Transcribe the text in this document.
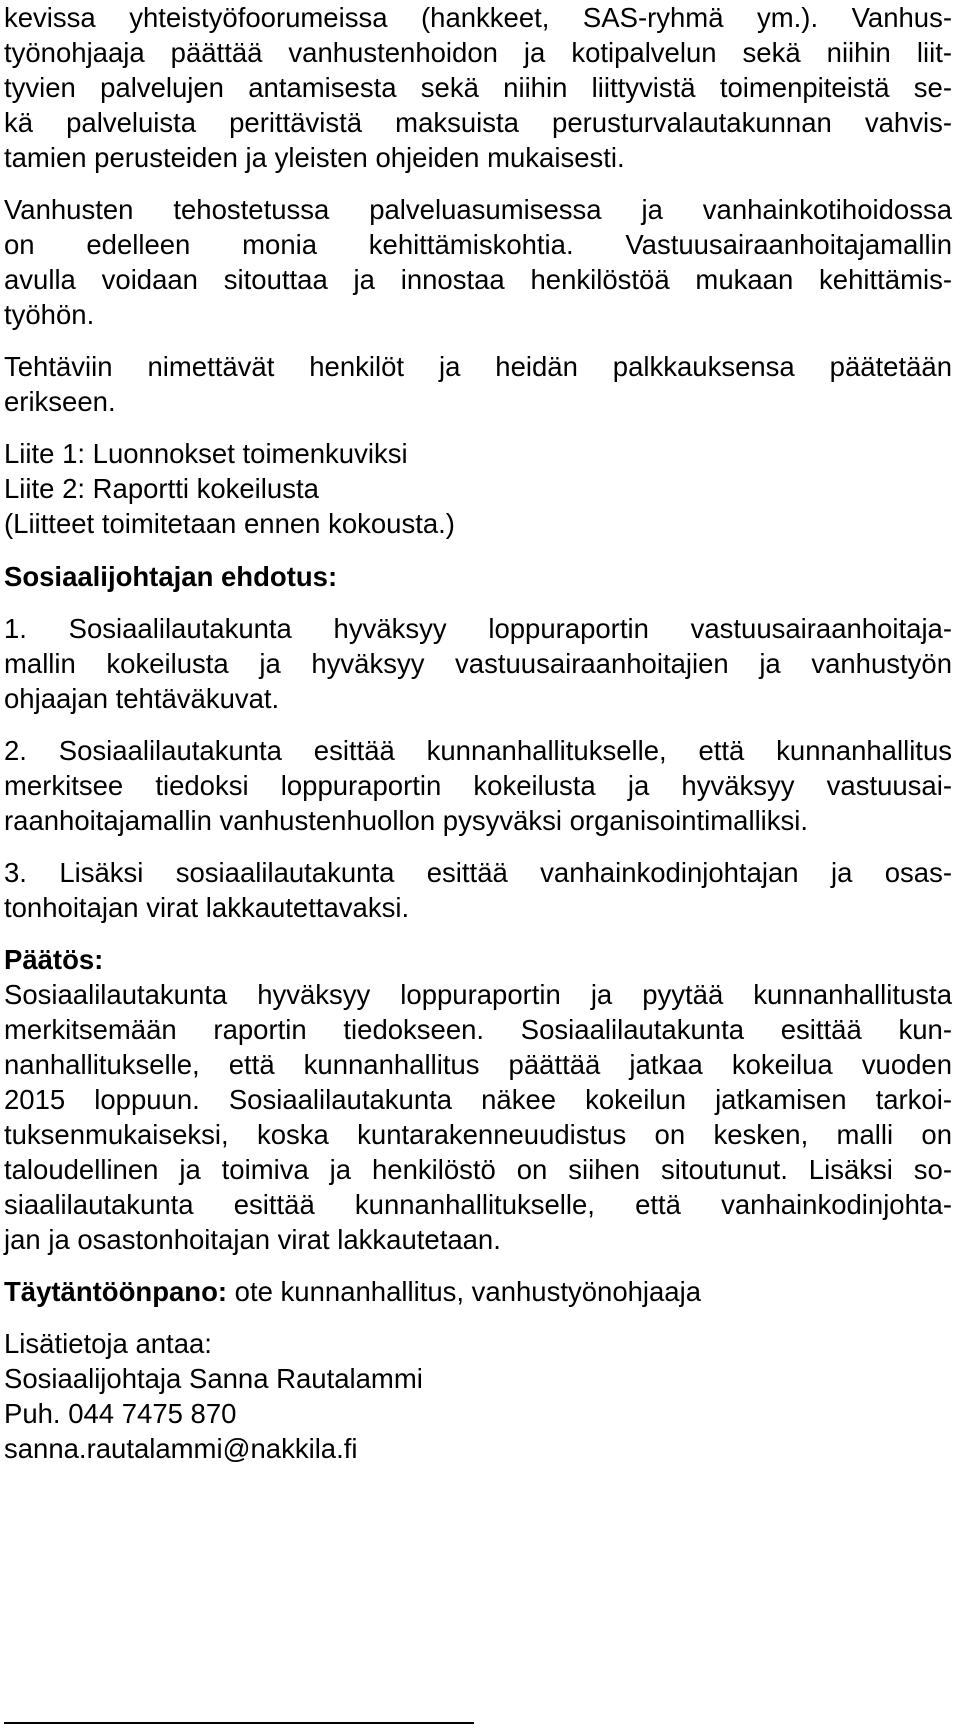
kevissa yhteistyöfoorumeissa (hankkeet, SAS-ryhmä ym.). Vanhus-
työnohjaaja päättää vanhustenhoidon ja kotipalvelun sekä niihin liit-
tyvien palvelujen antamisesta sekä niihin liittyvistä toimenpiteistä se-
kä palveluista perittävistä maksuista perusturvalautakunnan vahvis-
tamien perusteiden ja yleisten ohjeiden mukaisesti.
Vanhusten tehostetussa palveluasumisessa ja vanhainkotihoidossa
on edelleen monia kehittämiskohtia. Vastuusairaanhoitajamallin
avulla voidaan sitouttaa ja innostaa henkilöstöä mukaan kehittämis-
työhön.
Tehtäviin nimettävät henkilöt ja heidän palkkauksensa päätetään
erikseen.
Liite 1: Luonnokset toimenkuviksi
Liite 2: Raportti kokeilusta
(Liitteet toimitetaan ennen kokousta.)
Sosiaalijohtajan ehdotus:
1. Sosiaalilautakunta hyväksyy loppuraportin vastuusairaanhoitaja-
mallin kokeilusta ja hyväksyy vastuusairaanhoitajien ja vanhustyön
ohjaajan tehtäväkuvat.
2. Sosiaalilautakunta esittää kunnanhallitukselle, että kunnanhallitus
merkitsee tiedoksi loppuraportin kokeilusta ja hyväksyy vastuusai-
raanhoitajamallin vanhustenhuollon pysyväksi organisointimalliksi.
3. Lisäksi sosiaalilautakunta esittää vanhainkodinjohtajan ja osas-
tonhoitajan virat lakkautettavaksi.
Päätös:
Sosiaalilautakunta hyväksyy loppuraportin ja pyytää kunnanhallitusta
merkitsemään raportin tiedokseen. Sosiaalilautakunta esittää kun-
nanhallitukselle, että kunnanhallitus päättää jatkaa kokeilua vuoden
2015 loppuun. Sosiaalilautakunta näkee kokeilun jatkamisen tarkoi-
tuksenmukaiseksi, koska kuntarakenneuudistus on kesken, malli on
taloudellinen ja toimiva ja henkilöstö on siihen sitoutunut. Lisäksi so-
siaalilautakunta esittää kunnanhallitukselle, että vanhainkodinjohta-
jan ja osastonhoitajan virat lakkautetaan.
Täytäntöönpano: ote kunnanhallitus, vanhustyönohjaaja
Lisätietoja antaa:
Sosiaalijohtaja Sanna Rautalammi
Puh. 044 7475 870
sanna.rautalammi@nakkila.fi
